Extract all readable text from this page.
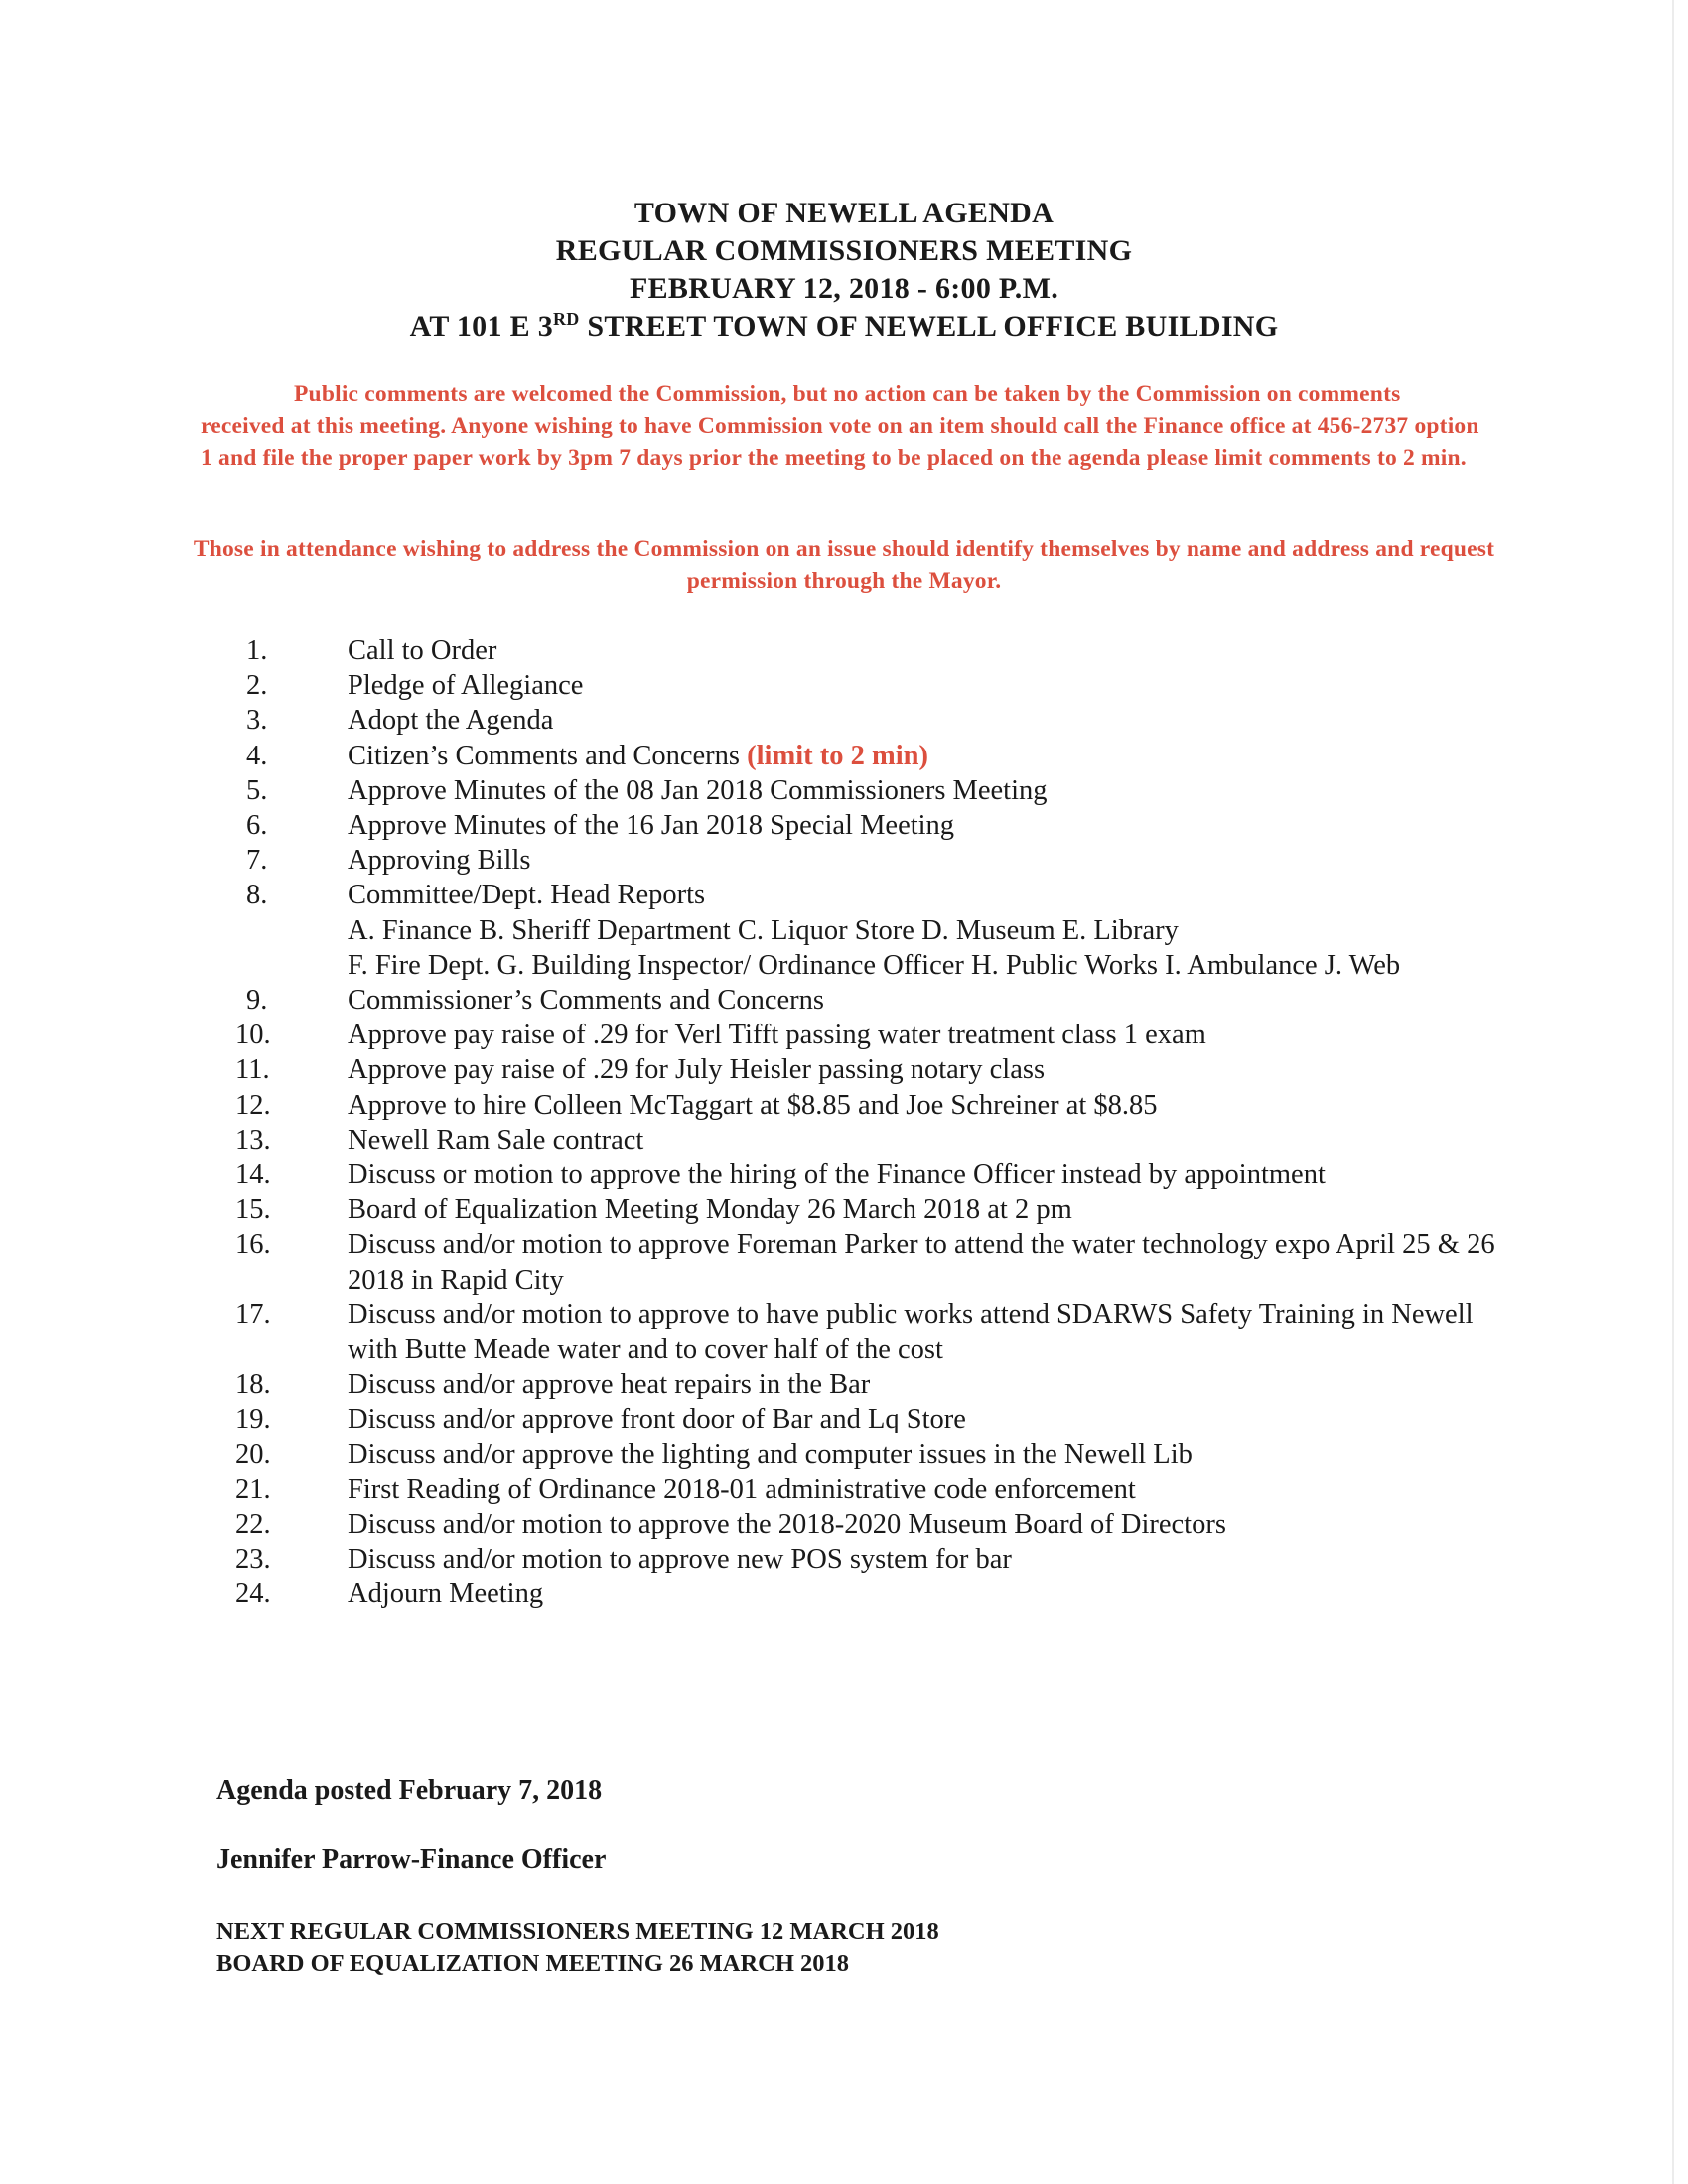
TOWN OF NEWELL AGENDA
REGULAR COMMISSIONERS MEETING
FEBRUARY 12, 2018 - 6:00 P.M.
AT 101 E 3RD STREET TOWN OF NEWELL OFFICE BUILDING
Public comments are welcomed the Commission, but no action can be taken by the Commission on comments received at this meeting. Anyone wishing to have Commission vote on an item should call the Finance office at 456-2737 option 1 and file the proper paper work by 3pm 7 days prior the meeting to be placed on the agenda please limit comments to 2 min.
Those in attendance wishing to address the Commission on an issue should identify themselves by name and address and request permission through the Mayor.
1.	Call to Order
2.	Pledge of Allegiance
3.	Adopt the Agenda
4.	Citizen’s Comments and Concerns (limit to 2 min)
5.	Approve Minutes of the 08 Jan 2018 Commissioners Meeting
6.	Approve Minutes of the 16 Jan 2018 Special Meeting
7.	Approving Bills
8.	Committee/Dept. Head Reports
A. Finance B. Sheriff Department C. Liquor Store D. Museum E. Library
F. Fire Dept. G. Building Inspector/ Ordinance Officer H. Public Works I. Ambulance J. Web
9.	Commissioner’s Comments and Concerns
10.	Approve pay raise of .29 for Verl Tifft passing water treatment class 1 exam
11.	Approve pay raise of .29 for July Heisler passing notary class
12.	Approve to hire Colleen McTaggart at $8.85 and Joe Schreiner at $8.85
13.	Newell Ram Sale contract
14.	Discuss or motion to approve the hiring of the Finance Officer instead by appointment
15.	Board of Equalization Meeting Monday 26 March 2018 at 2 pm
16.	Discuss and/or motion to approve Foreman Parker to attend the water technology expo April 25 & 26 2018 in Rapid City
17.	Discuss and/or motion to approve to have public works attend SDARWS Safety Training in Newell with Butte Meade water and to cover half of the cost
18.	Discuss and/or approve heat repairs in the Bar
19.	Discuss and/or approve front door of Bar and Lq Store
20.	Discuss and/or approve the lighting and computer issues in the Newell Lib
21.	First Reading of Ordinance 2018-01 administrative code enforcement
22.	Discuss and/or motion to approve the 2018-2020 Museum Board of Directors
23.	Discuss and/or motion to approve new POS system for bar
24.	Adjourn Meeting
Agenda posted February 7, 2018
Jennifer Parrow-Finance Officer
NEXT REGULAR COMMISSIONERS MEETING 12 MARCH 2018
BOARD OF EQUALIZATION MEETING 26 MARCH 2018
